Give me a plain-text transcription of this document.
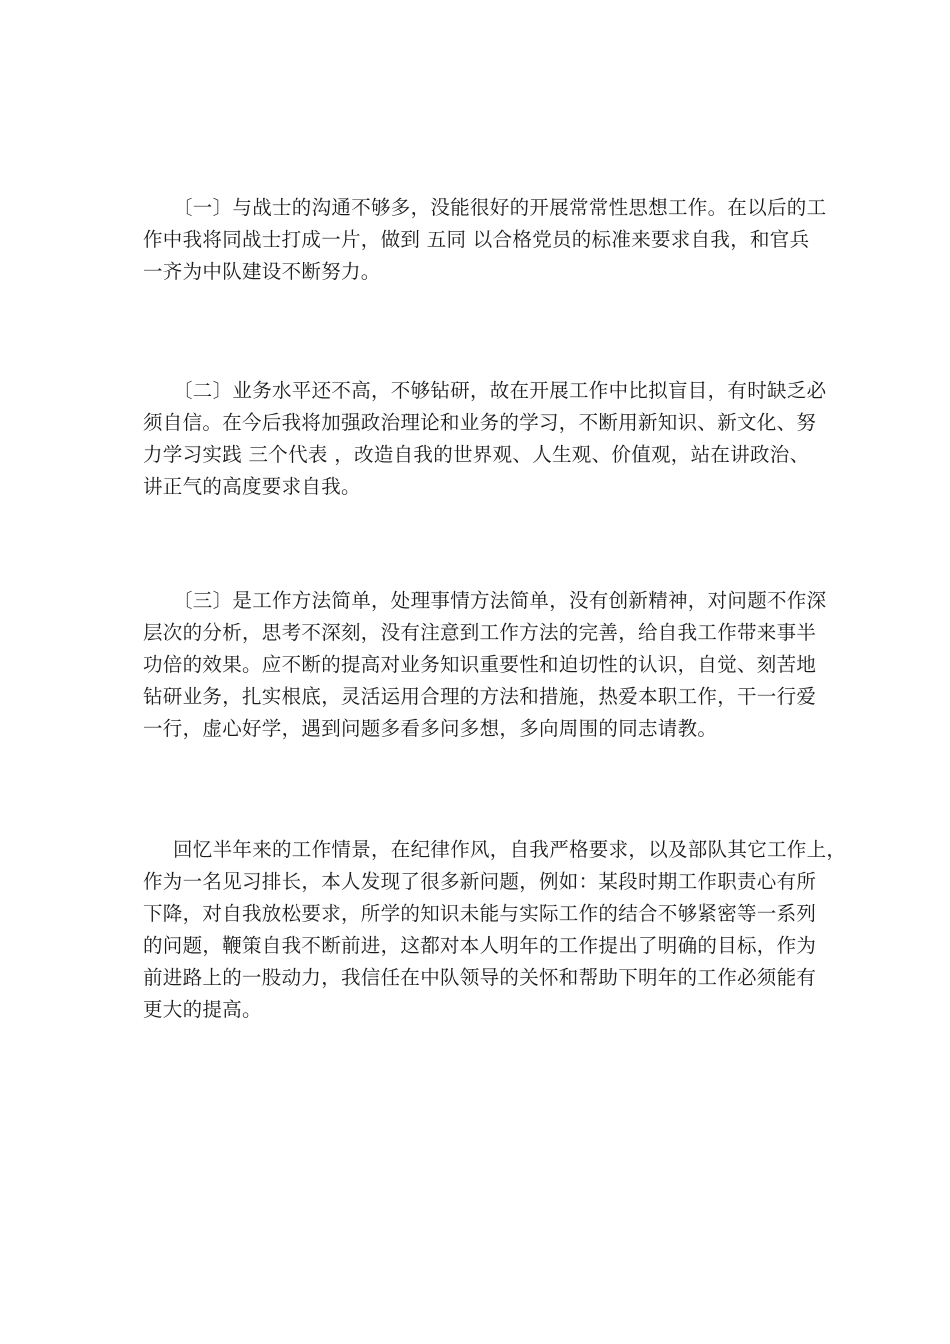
〔一〕与战士的沟通不够多，没能很好的开展常常性思想工作。在以后的工
作中我将同战士打成一片，做到 五同 以合格党员的标准来要求自我，和官兵
一齐为中队建设不断努力。
〔二〕业务水平还不高，不够钻研，故在开展工作中比拟盲目，有时缺乏必
须自信。在今后我将加强政治理论和业务的学习，不断用新知识、新文化、努
力学习实践 三个代表 ，改造自我的世界观、人生观、价值观，站在讲政治、
讲正气的高度要求自我。
〔三〕是工作方法简单，处理事情方法简单，没有创新精神，对问题不作深
层次的分析，思考不深刻，没有注意到工作方法的完善，给自我工作带来事半
功倍的效果。应不断的提高对业务知识重要性和迫切性的认识，自觉、刻苦地
钻研业务，扎实根底，灵活运用合理的方法和措施，热爱本职工作，干一行爱
一行，虚心好学，遇到问题多看多问多想，多向周围的同志请教。
回忆半年来的工作情景，在纪律作风，自我严格要求，以及部队其它工作上，
作为一名见习排长，本人发现了很多新问题，例如：某段时期工作职责心有所
下降，对自我放松要求，所学的知识未能与实际工作的结合不够紧密等一系列
的问题，鞭策自我不断前进，这都对本人明年的工作提出了明确的目标，作为
前进路上的一股动力，我信任在中队领导的关怀和帮助下明年的工作必须能有
更大的提高。
